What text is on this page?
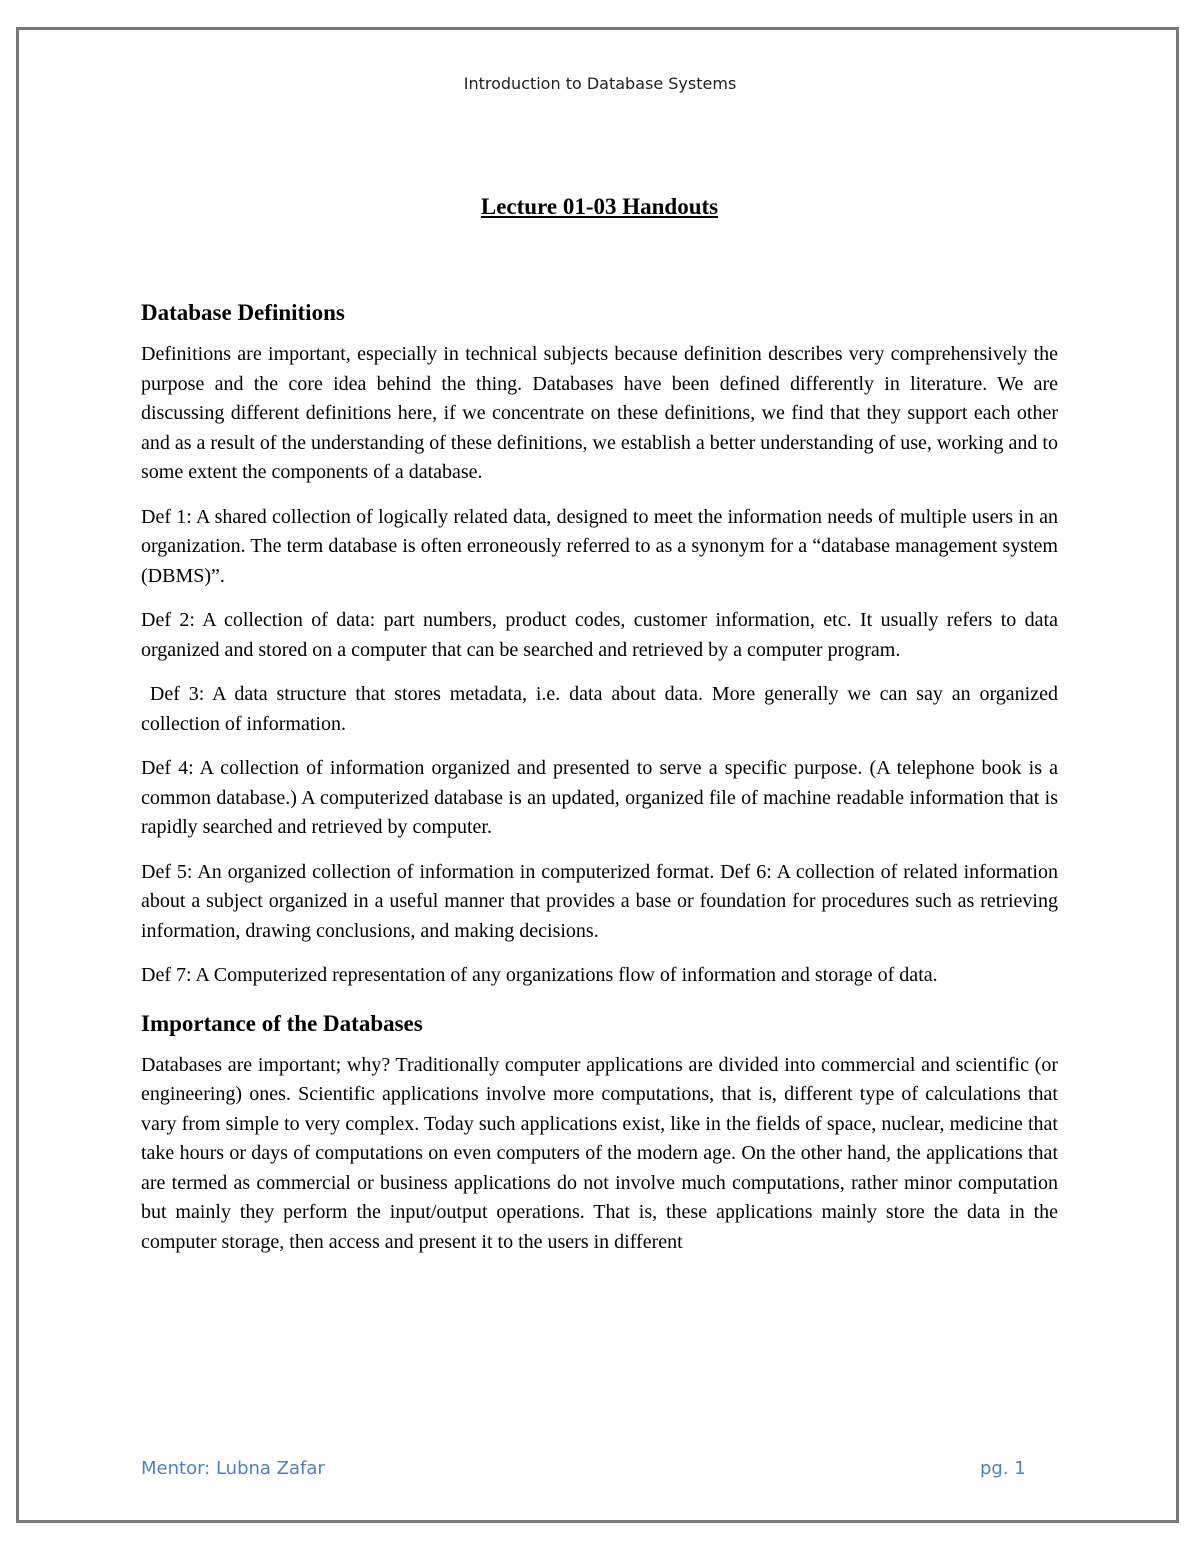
Introduction to Database Systems
Lecture 01-03 Handouts
Database Definitions

Definitions are important, especially in technical subjects because definition describes very comprehensively the purpose and the core idea behind the thing. Databases have been defined differently in literature. We are discussing different definitions here, if we concentrate on these definitions, we find that they support each other and as a result of the understanding of these definitions, we establish a better understanding of use, working and to some extent the components of a database.

Def 1: A shared collection of logically related data, designed to meet the information needs of multiple users in an organization. The term database is often erroneously referred to as a synonym for a “database management system (DBMS)”.

Def 2: A collection of data: part numbers, product codes, customer information, etc. It usually refers to data organized and stored on a computer that can be searched and retrieved by a computer program.

Def 3: A data structure that stores metadata, i.e. data about data. More generally we can say an organized collection of information.

Def 4: A collection of information organized and presented to serve a specific purpose. (A telephone book is a common database.) A computerized database is an updated, organized file of machine readable information that is rapidly searched and retrieved by computer.

Def 5: An organized collection of information in computerized format. Def 6: A collection of related information about a subject organized in a useful manner that provides a base or foundation for procedures such as retrieving information, drawing conclusions, and making decisions.

Def 7: A Computerized representation of any organizations flow of information and storage of data.

Importance of the Databases

Databases are important; why? Traditionally computer applications are divided into commercial and scientific (or engineering) ones. Scientific applications involve more computations, that is, different type of calculations that vary from simple to very complex. Today such applications exist, like in the fields of space, nuclear, medicine that take hours or days of computations on even computers of the modern age. On the other hand, the applications that are termed as commercial or business applications do not involve much computations, rather minor computation but mainly they perform the input/output operations. That is, these applications mainly store the data in the computer storage, then access and present it to the users in different

Mentor: Lubna Zafar	pg. 1
